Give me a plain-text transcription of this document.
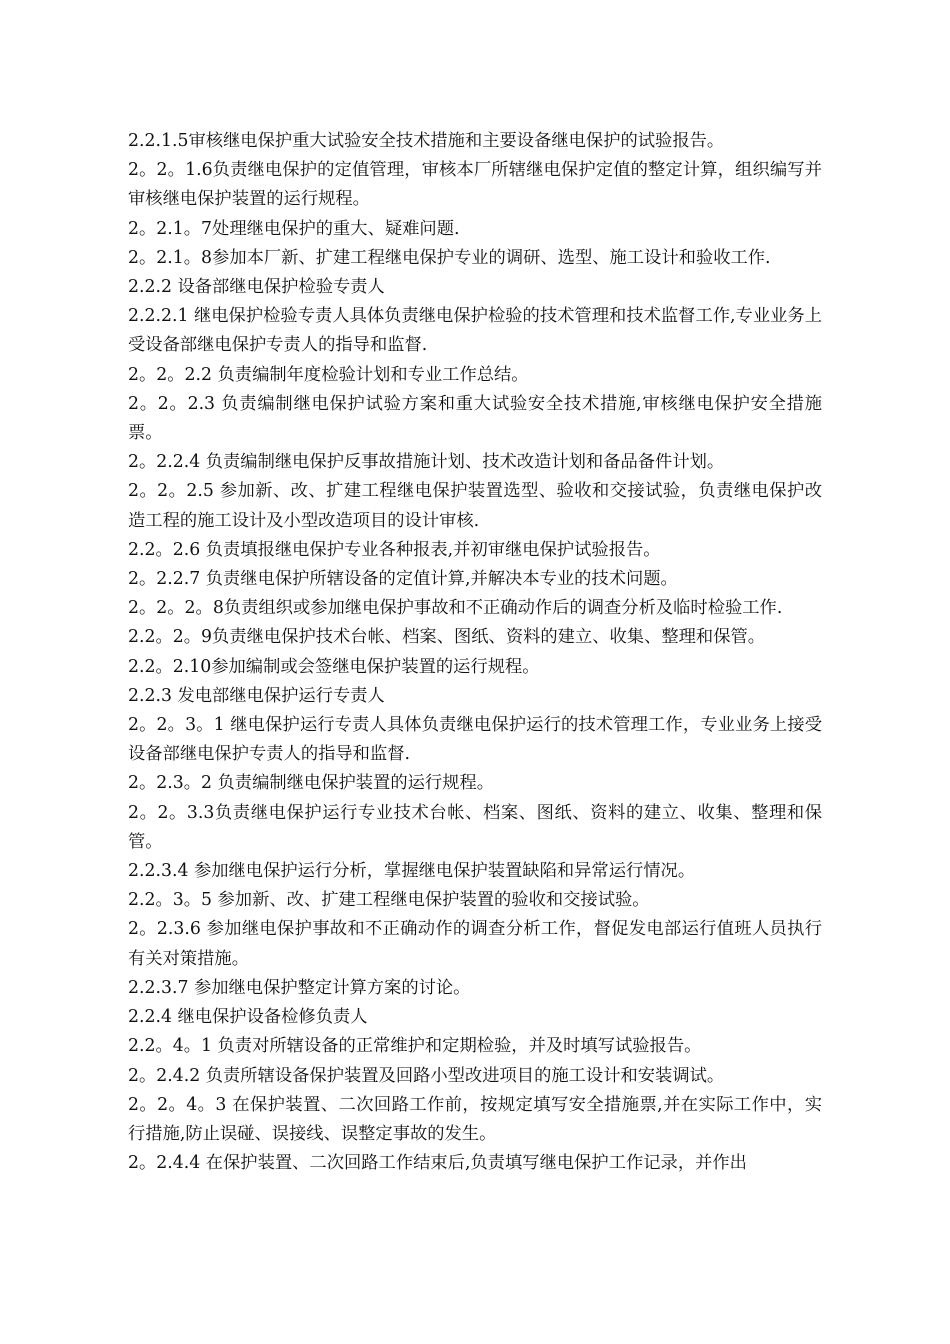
2.2.1.5审核继电保护重大试验安全技术措施和主要设备继电保护的试验报告。

2。2。1.6负责继电保护的定值管理，审核本厂所辖继电保护定值的整定计算，组织编写并审核继电保护装置的运行规程。

2。2.1。7处理继电保护的重大、疑难问题.

2。2.1。8参加本厂新、扩建工程继电保护专业的调研、选型、施工设计和验收工作.

2.2.2 设备部继电保护检验专责人

2.2.2.1 继电保护检验专责人具体负责继电保护检验的技术管理和技术监督工作,专业业务上受设备部继电保护专责人的指导和监督.

2。2。2.2 负责编制年度检验计划和专业工作总结。

2。2。2.3 负责编制继电保护试验方案和重大试验安全技术措施,审核继电保护安全措施票。

2。2.2.4 负责编制继电保护反事故措施计划、技术改造计划和备品备件计划。

2。2。2.5 参加新、改、扩建工程继电保护装置选型、验收和交接试验，负责继电保护改造工程的施工设计及小型改造项目的设计审核.

2.2。2.6 负责填报继电保护专业各种报表,并初审继电保护试验报告。

2。2.2.7 负责继电保护所辖设备的定值计算,并解决本专业的技术问题。

2。2。2。8负责组织或参加继电保护事故和不正确动作后的调查分析及临时检验工作.

2.2。2。9负责继电保护技术台帐、档案、图纸、资料的建立、收集、整理和保管。

2.2。2.10参加编制或会签继电保护装置的运行规程。

2.2.3 发电部继电保护运行专责人

2。2。3。1 继电保护运行专责人具体负责继电保护运行的技术管理工作，专业业务上接受设备部继电保护专责人的指导和监督.

2。2.3。2 负责编制继电保护装置的运行规程。

2。2。3.3负责继电保护运行专业技术台帐、档案、图纸、资料的建立、收集、整理和保管。

2.2.3.4 参加继电保护运行分析，掌握继电保护装置缺陷和异常运行情况。

2.2。3。5 参加新、改、扩建工程继电保护装置的验收和交接试验。

2。2.3.6 参加继电保护事故和不正确动作的调查分析工作，督促发电部运行值班人员执行有关对策措施。

2.2.3.7 参加继电保护整定计算方案的讨论。

2.2.4 继电保护设备检修负责人

2.2。4。1 负责对所辖设备的正常维护和定期检验，并及时填写试验报告。

2。2.4.2 负责所辖设备保护装置及回路小型改进项目的施工设计和安装调试。

2。2。4。3 在保护装置、二次回路工作前，按规定填写安全措施票,并在实际工作中，实行措施,防止误碰、误接线、误整定事故的发生。

2。2.4.4 在保护装置、二次回路工作结束后,负责填写继电保护工作记录，并作出
